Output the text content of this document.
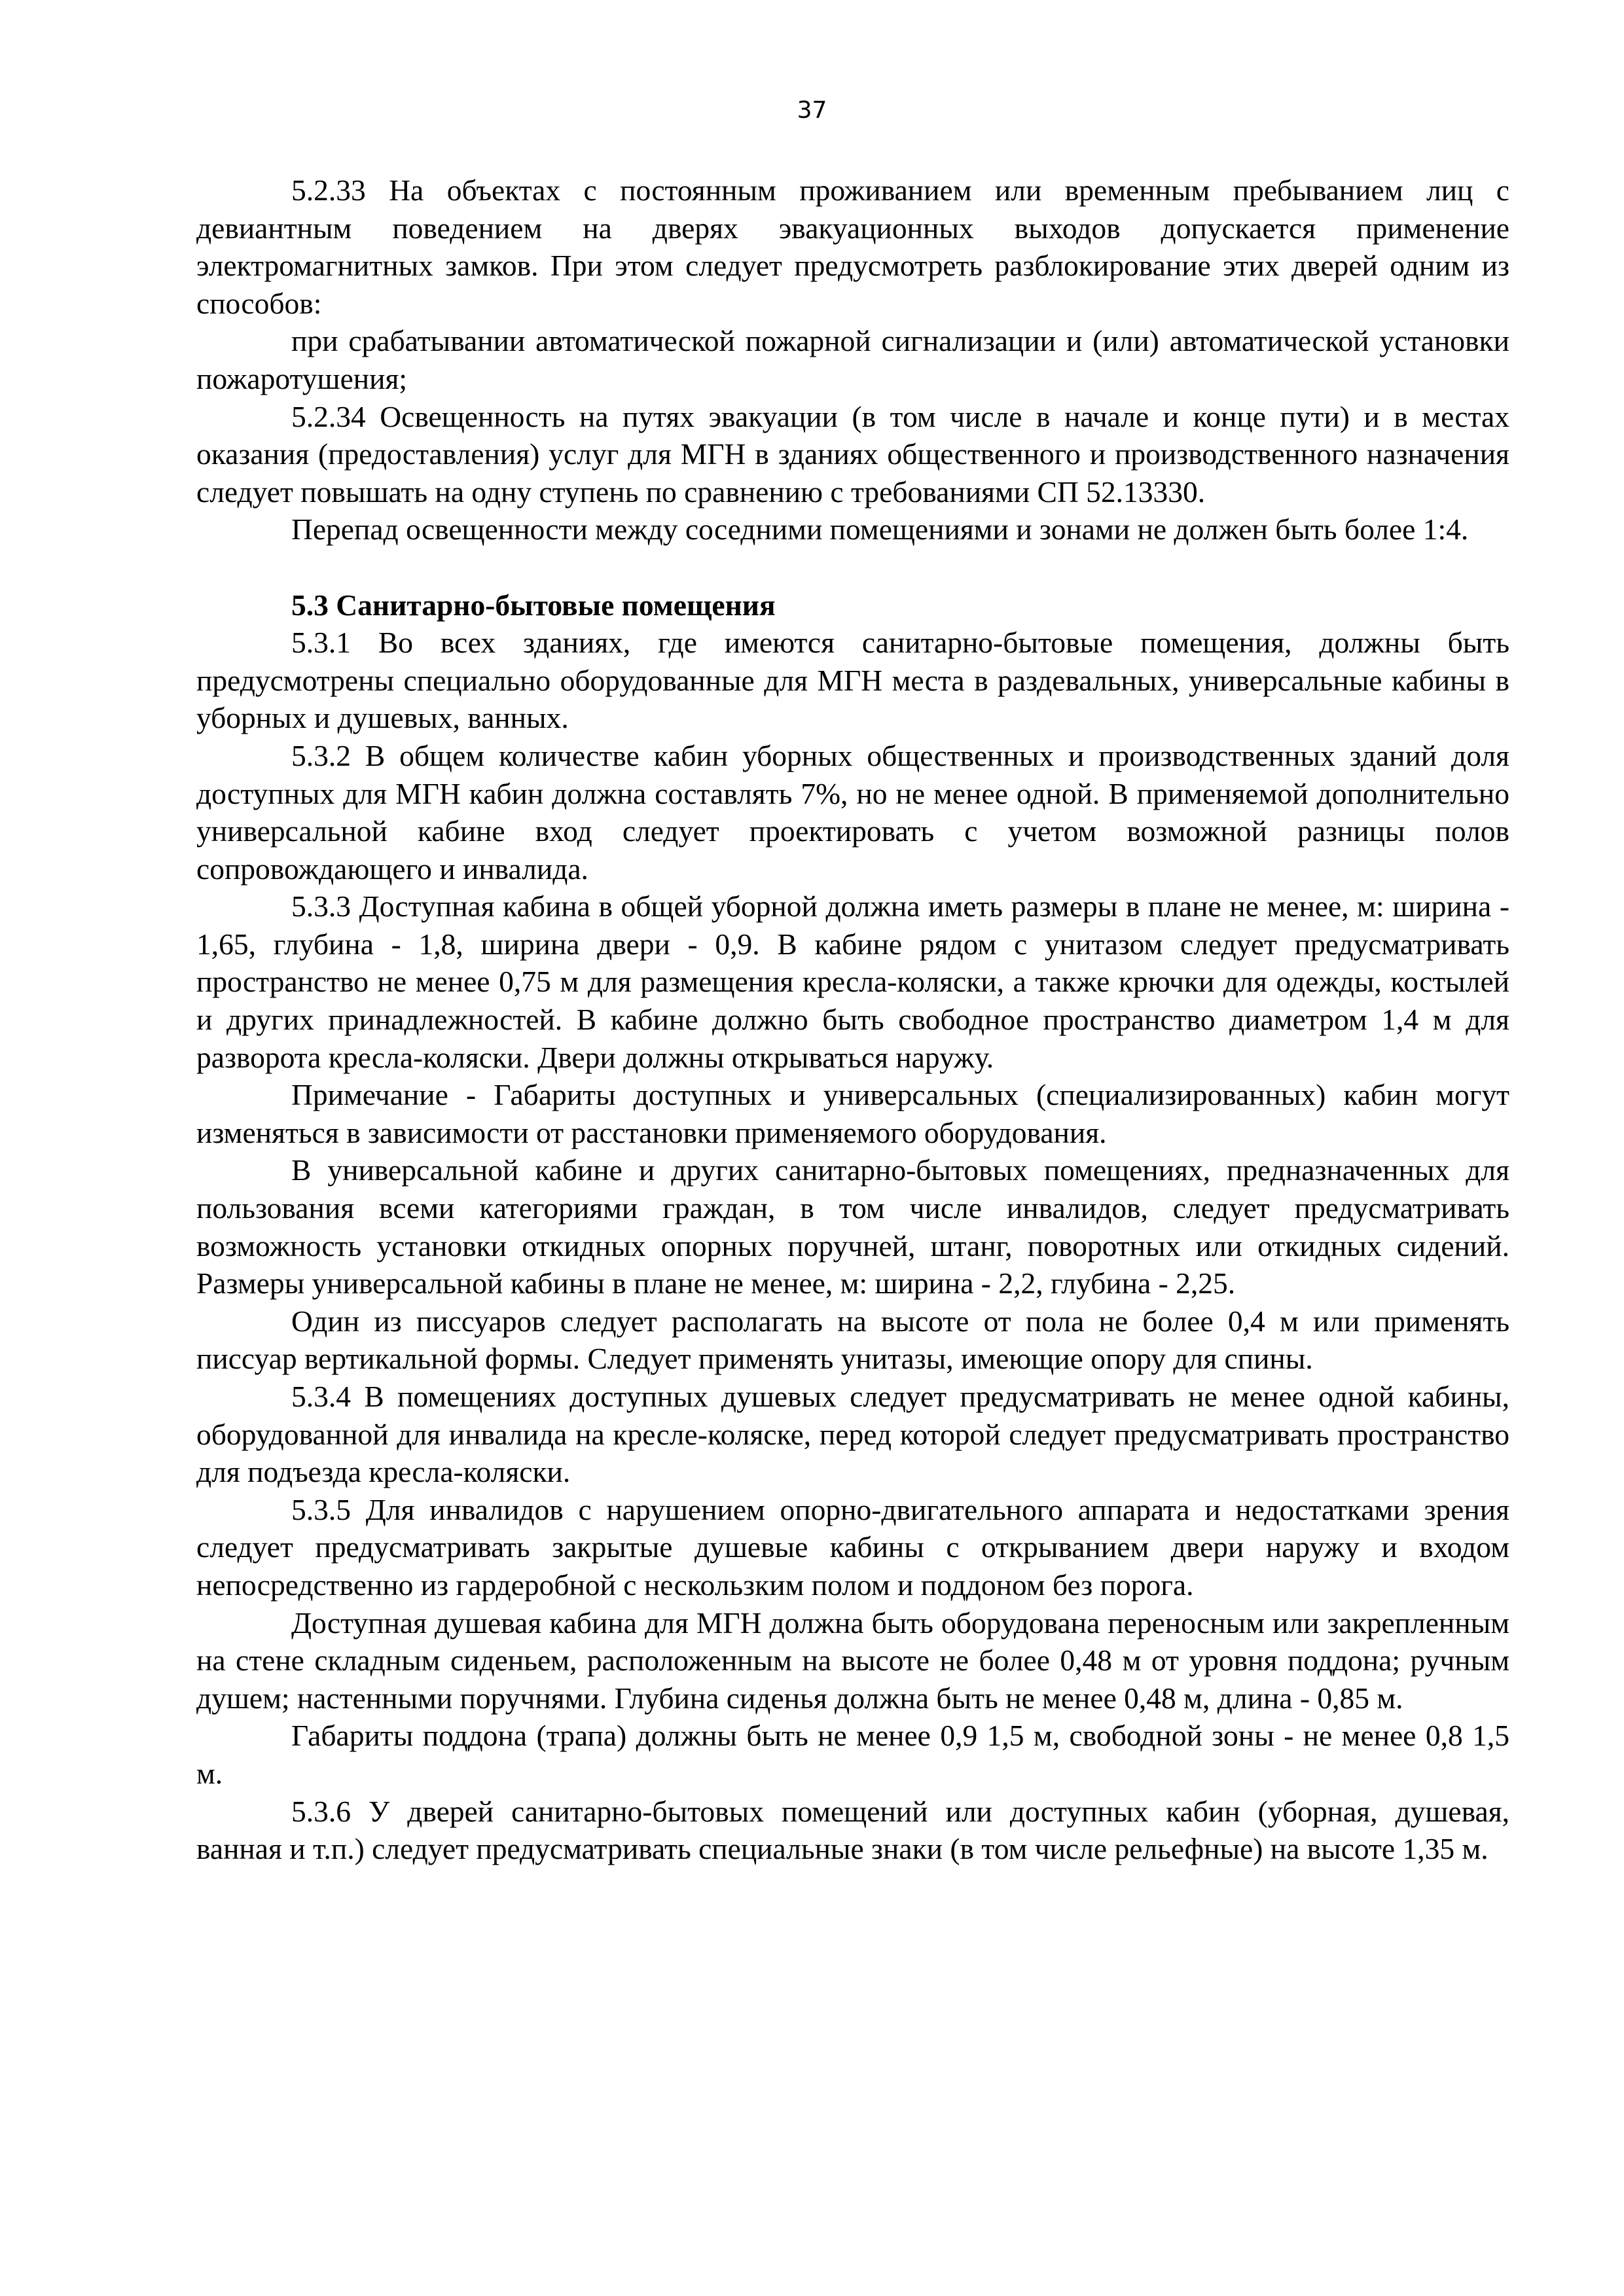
37

5.2.33 На объектах с постоянным проживанием или временным пребыванием лиц с девиантным поведением на дверях эвакуационных выходов допускается применение электромагнитных замков. При этом следует предусмотреть разблокирование этих дверей одним из способов:

при срабатывании автоматической пожарной сигнализации и (или) автоматической установки пожаротушения;

5.2.34 Освещенность на путях эвакуации (в том числе в начале и конце пути) и в местах оказания (предоставления) услуг для МГН в зданиях общественного и производственного назначения следует повышать на одну ступень по сравнению с требованиями СП 52.13330.

Перепад освещенности между соседними помещениями и зонами не должен быть более 1:4.

5.3 Санитарно-бытовые помещения

5.3.1 Во всех зданиях, где имеются санитарно-бытовые помещения, должны быть предусмотрены специально оборудованные для МГН места в раздевальных, универсальные кабины в уборных и душевых, ванных.

5.3.2 В общем количестве кабин уборных общественных и производственных зданий доля доступных для МГН кабин должна составлять 7%, но не менее одной. В применяемой дополнительно универсальной кабине вход следует проектировать с учетом возможной разницы полов сопровождающего и инвалида.

5.3.3 Доступная кабина в общей уборной должна иметь размеры в плане не менее, м: ширина - 1,65, глубина - 1,8, ширина двери - 0,9. В кабине рядом с унитазом следует предусматривать пространство не менее 0,75 м для размещения кресла-коляски, а также крючки для одежды, костылей и других принадлежностей. В кабине должно быть свободное пространство диаметром 1,4 м для разворота кресла-коляски. Двери должны открываться наружу.

Примечание - Габариты доступных и универсальных (специализированных) кабин могут изменяться в зависимости от расстановки применяемого оборудования.

В универсальной кабине и других санитарно-бытовых помещениях, предназначенных для пользования всеми категориями граждан, в том числе инвалидов, следует предусматривать возможность установки откидных опорных поручней, штанг, поворотных или откидных сидений. Размеры универсальной кабины в плане не менее, м: ширина - 2,2, глубина - 2,25.

Один из писсуаров следует располагать на высоте от пола не более 0,4 м или применять писсуар вертикальной формы. Следует применять унитазы, имеющие опору для спины.

5.3.4 В помещениях доступных душевых следует предусматривать не менее одной кабины, оборудованной для инвалида на кресле-коляске, перед которой следует предусматривать пространство для подъезда кресла-коляски.

5.3.5 Для инвалидов с нарушением опорно-двигательного аппарата и недостатками зрения следует предусматривать закрытые душевые кабины с открыванием двери наружу и входом непосредственно из гардеробной с нескользким полом и поддоном без порога.

Доступная душевая кабина для МГН должна быть оборудована переносным или закрепленным на стене складным сиденьем, расположенным на высоте не более 0,48 м от уровня поддона; ручным душем; настенными поручнями. Глубина сиденья должна быть не менее 0,48 м, длина - 0,85 м.

Габариты поддона (трапа) должны быть не менее 0,9 1,5 м, свободной зоны - не менее 0,8 1,5 м.

5.3.6 У дверей санитарно-бытовых помещений или доступных кабин (уборная, душевая, ванная и т.п.) следует предусматривать специальные знаки (в том числе рельефные) на высоте 1,35 м.
